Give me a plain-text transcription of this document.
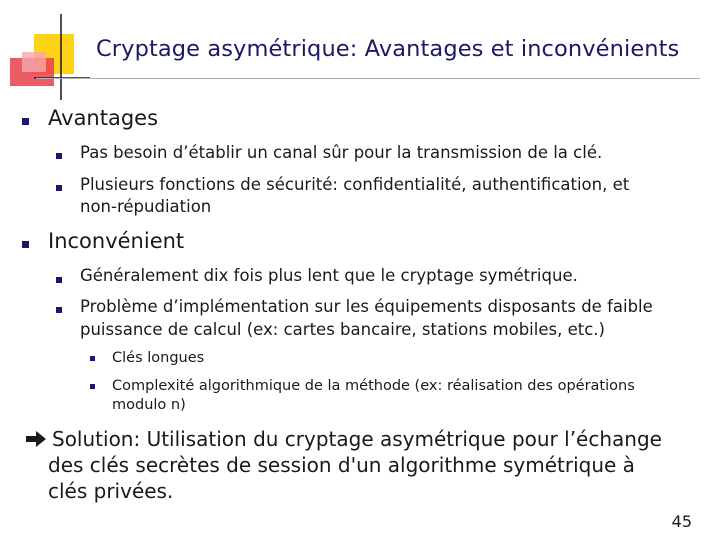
Cryptage asymétrique: Avantages et inconvénients
Avantages
Pas besoin d’établir un canal sûr pour la transmission de la clé.
Plusieurs fonctions de sécurité: confidentialité, authentification, et
non-répudiation
Inconvénient
Généralement dix fois plus lent que le cryptage symétrique.
Problème d’implémentation sur les équipements disposants de faible
puissance de calcul (ex: cartes bancaire, stations mobiles, etc.)
Clés longues
Complexité algorithmique de la méthode (ex: réalisation des opérations
modulo n)
Solution: Utilisation du cryptage asymétrique pour l’échange
des clés secrètes de session d'un algorithme symétrique à
clés privées.
45
